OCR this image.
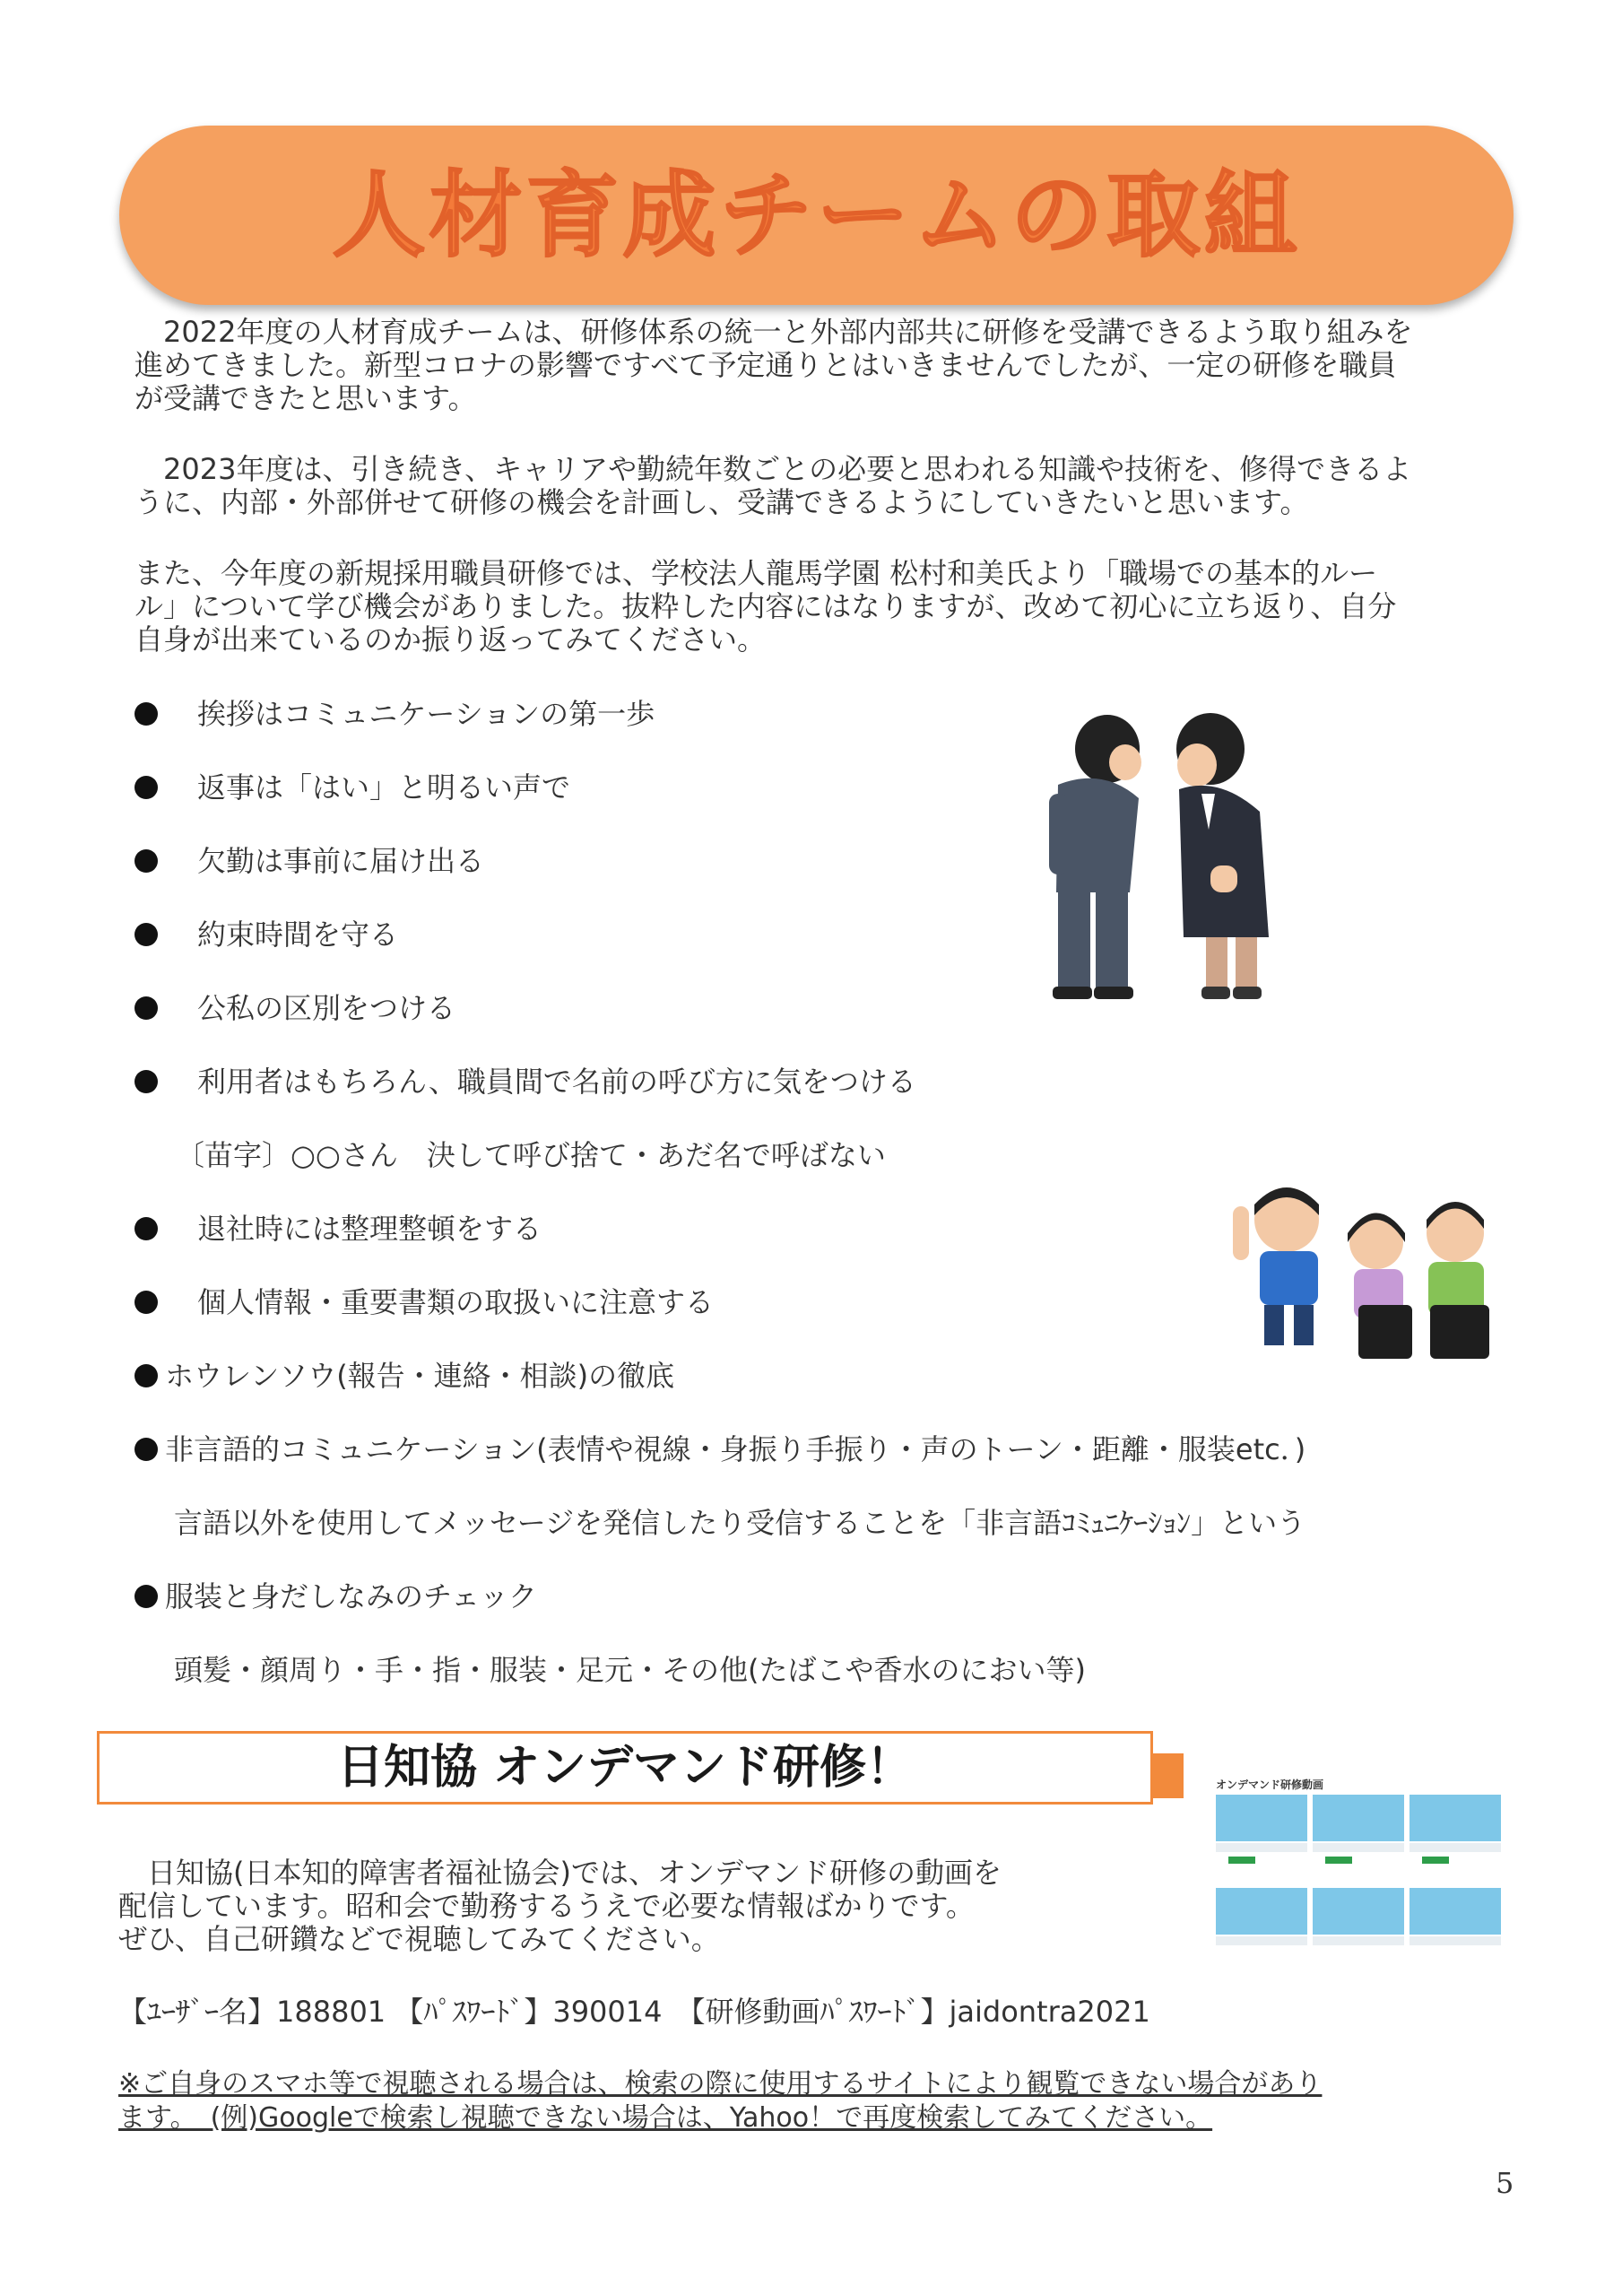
人材育成チームの取組
　2022年度の人材育成チームは、研修体系の統一と外部内部共に研修を受講できるよう取り組みを
進めてきました。新型コロナの影響ですべて予定通りとはいきませんでしたが、一定の研修を職員
が受講できたと思います。
　2023年度は、引き続き、キャリアや勤続年数ごとの必要と思われる知識や技術を、修得できるよ
うに、内部・外部併せて研修の機会を計画し、受講できるようにしていきたいと思います。
また、今年度の新規採用職員研修では、学校法人龍馬学園 松村和美氏より「職場での基本的ルー
ル」について学び機会がありました。抜粋した内容にはなりますが、改めて初心に立ち返り、自分
自身が出来ているのか振り返ってみてください。
挨拶はコミュニケーションの第一歩
返事は「はい」と明るい声で
欠勤は事前に届け出る
約束時間を守る
公私の区別をつける
利用者はもちろん、職員間で名前の呼び方に気をつける
〔苗字〕○○さん　決して呼び捨て・あだ名で呼ばない
退社時には整理整頓をする
個人情報・重要書類の取扱いに注意する
ホウレンソウ(報告・連絡・相談)の徹底
非言語的コミュニケーション(表情や視線・身振り手振り・声のトーン・距離・服装etc．)
言語以外を使用してメッセージを発信したり受信することを「非言語ｺﾐｭﾆｹｰｼｮﾝ」という
服装と身だしなみのチェック
頭髪・顔周り・手・指・服装・足元・その他(たばこや香水のにおい等)
日知協 オンデマンド研修！
　日知協(日本知的障害者福祉協会)では、オンデマンド研修の動画を
配信しています。昭和会で勤務するうえで必要な情報ばかりです。
ぜひ、自己研鑽などで視聴してみてください。
【ﾕｰｻﾞｰ名】188801 【ﾊﾟｽﾜｰﾄﾞ】390014　【研修動画ﾊﾟｽﾜｰﾄﾞ】jaidontra2021
※ご自身のスマホ等で視聴される場合は、検索の際に使用するサイトにより観覧できない場合があり
ます。　(例)Googleで検索し視聴できない場合は、Yahoo！で再度検索してみてください。
オンデマンド研修動画
5
